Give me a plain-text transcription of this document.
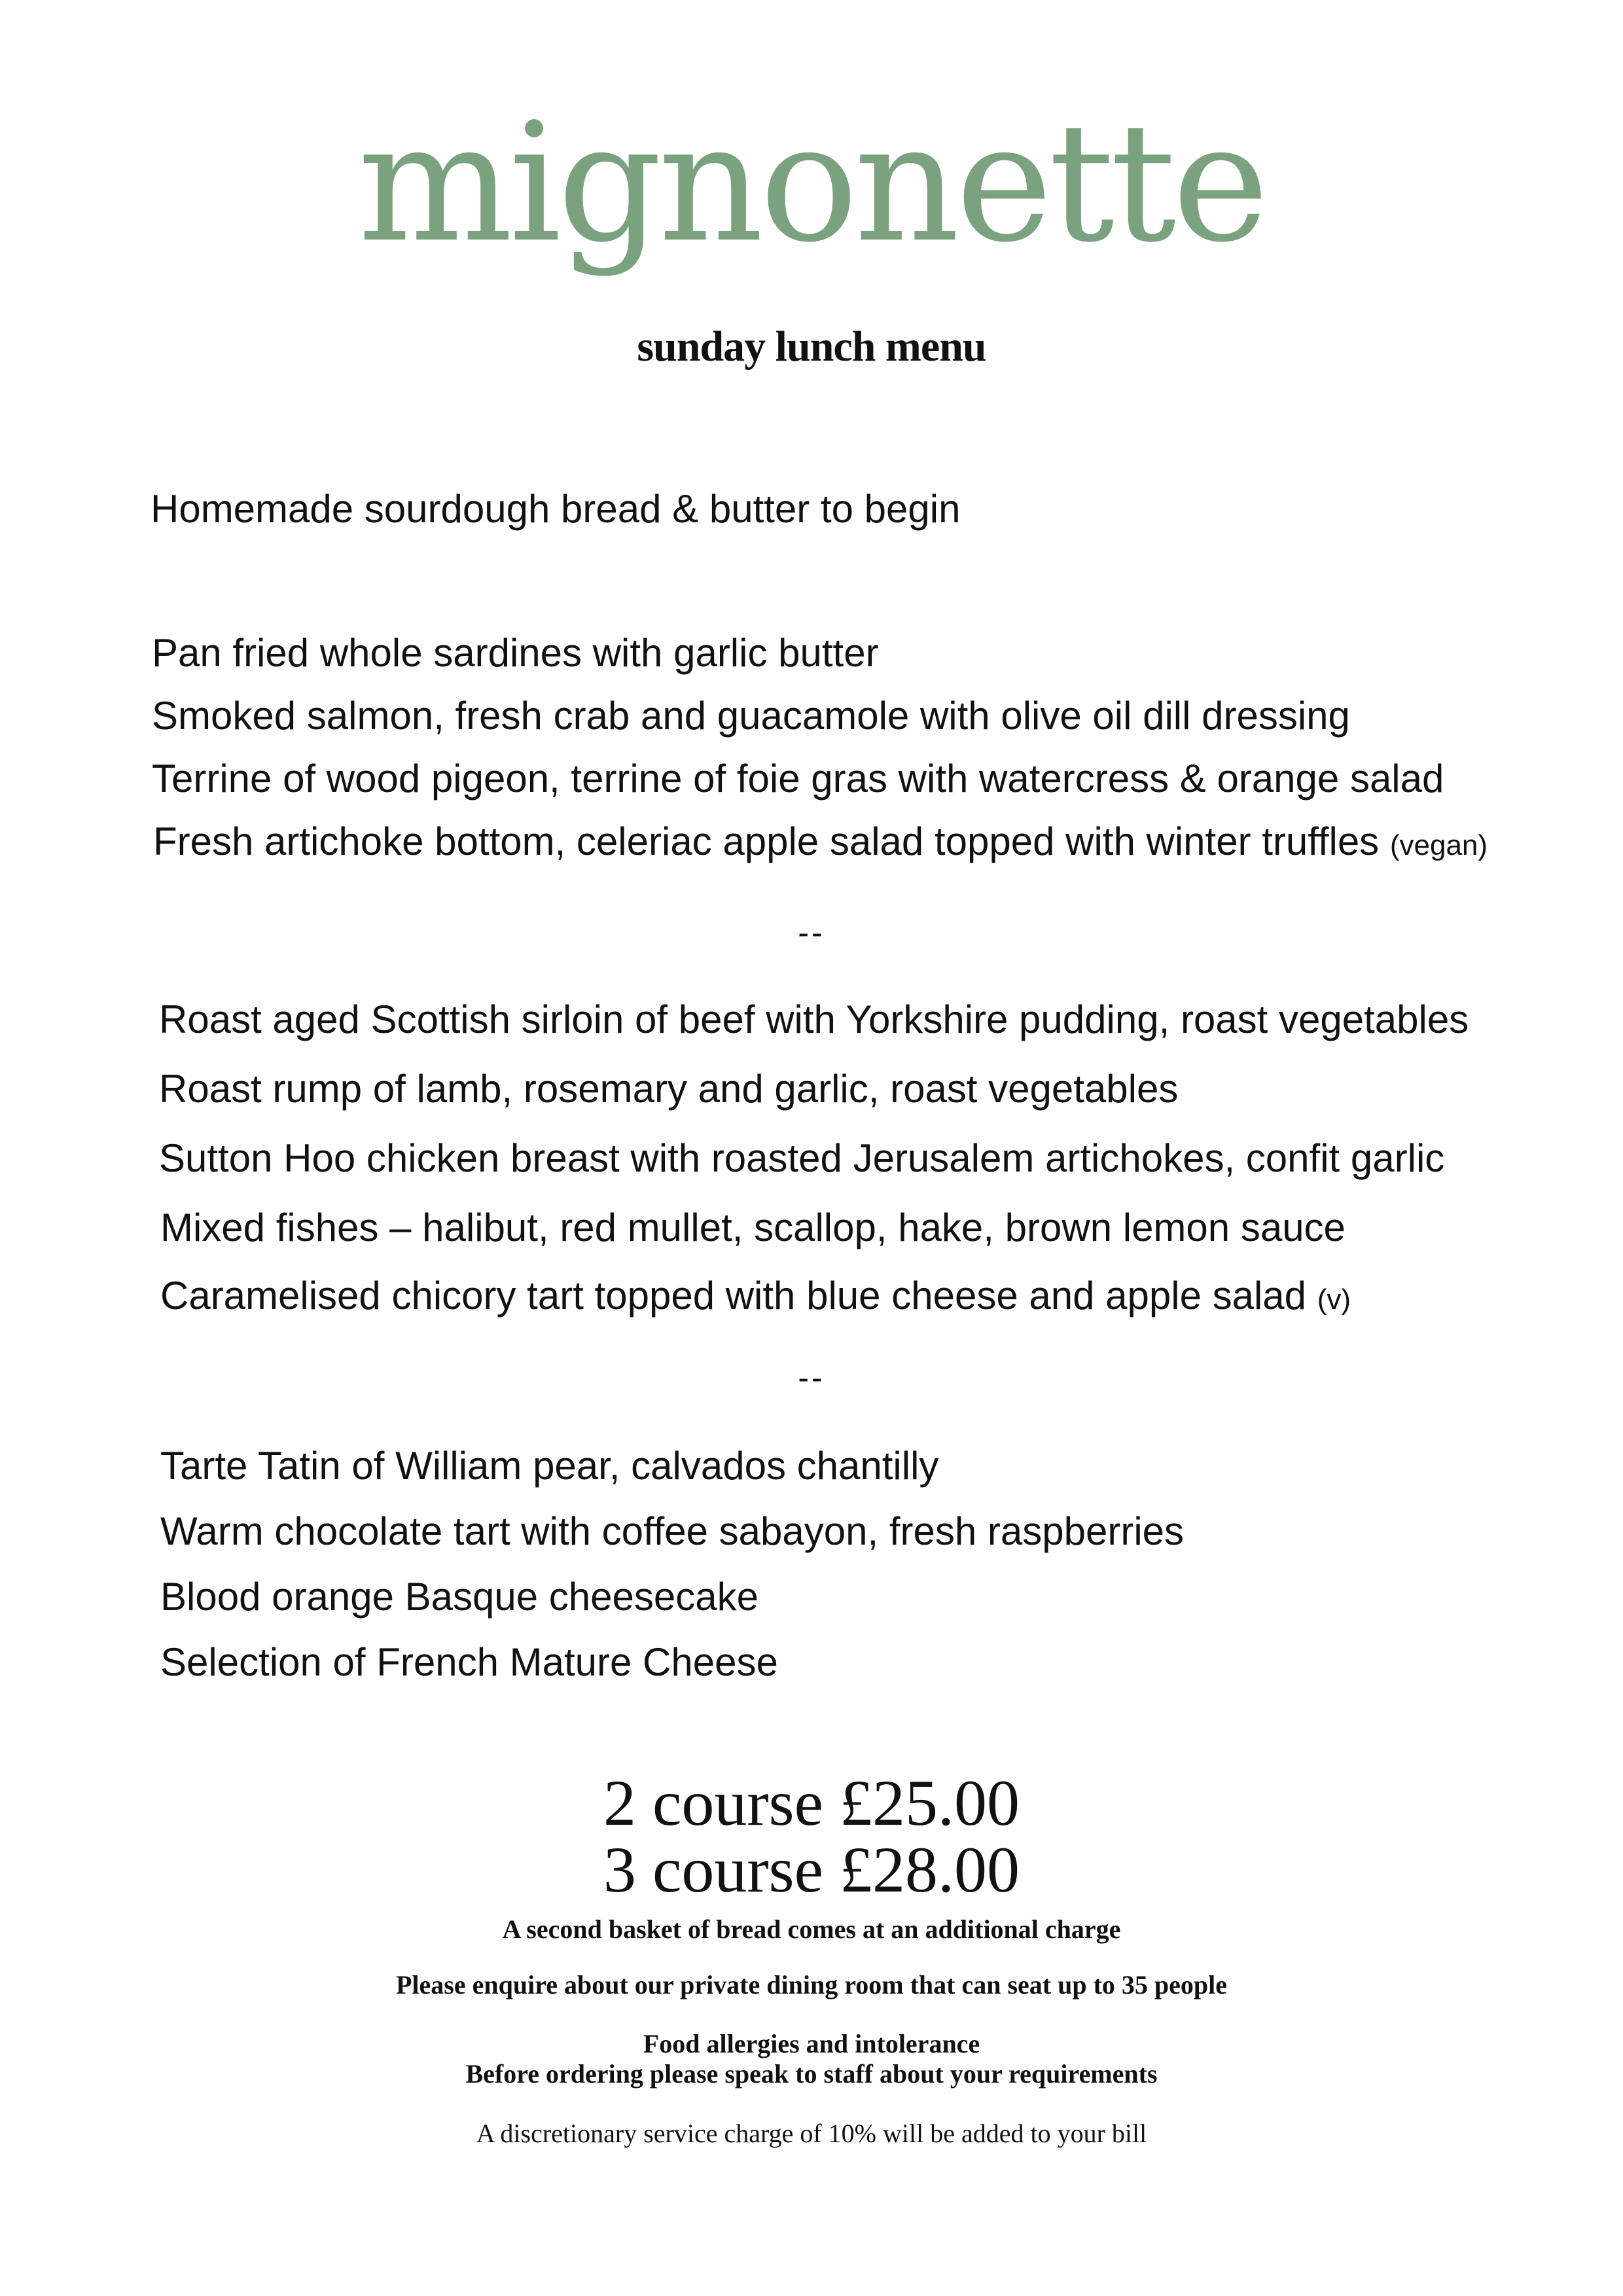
mignonette
sunday lunch menu
Homemade sourdough bread & butter to begin
Pan fried whole sardines with garlic butter
Smoked salmon, fresh crab and guacamole with olive oil dill dressing
Terrine of wood pigeon, terrine of foie gras with watercress & orange salad
Fresh artichoke bottom, celeriac apple salad topped with winter truffles (vegan)
--
Roast aged Scottish sirloin of beef with Yorkshire pudding, roast vegetables
Roast rump of lamb, rosemary and garlic, roast vegetables
Sutton Hoo chicken breast with roasted Jerusalem artichokes, confit garlic
Mixed fishes – halibut, red mullet, scallop, hake, brown lemon sauce
Caramelised chicory tart topped with blue cheese and apple salad (v)
--
Tarte Tatin of William pear, calvados chantilly
Warm chocolate tart with coffee sabayon, fresh raspberries
Blood orange Basque cheesecake
Selection of French Mature Cheese
2 course £25.00
3 course £28.00
A second basket of bread comes at an additional charge
Please enquire about our private dining room that can seat up to 35 people
Food allergies and intolerance
Before ordering please speak to staff about your requirements
A discretionary service charge of 10% will be added to your bill
